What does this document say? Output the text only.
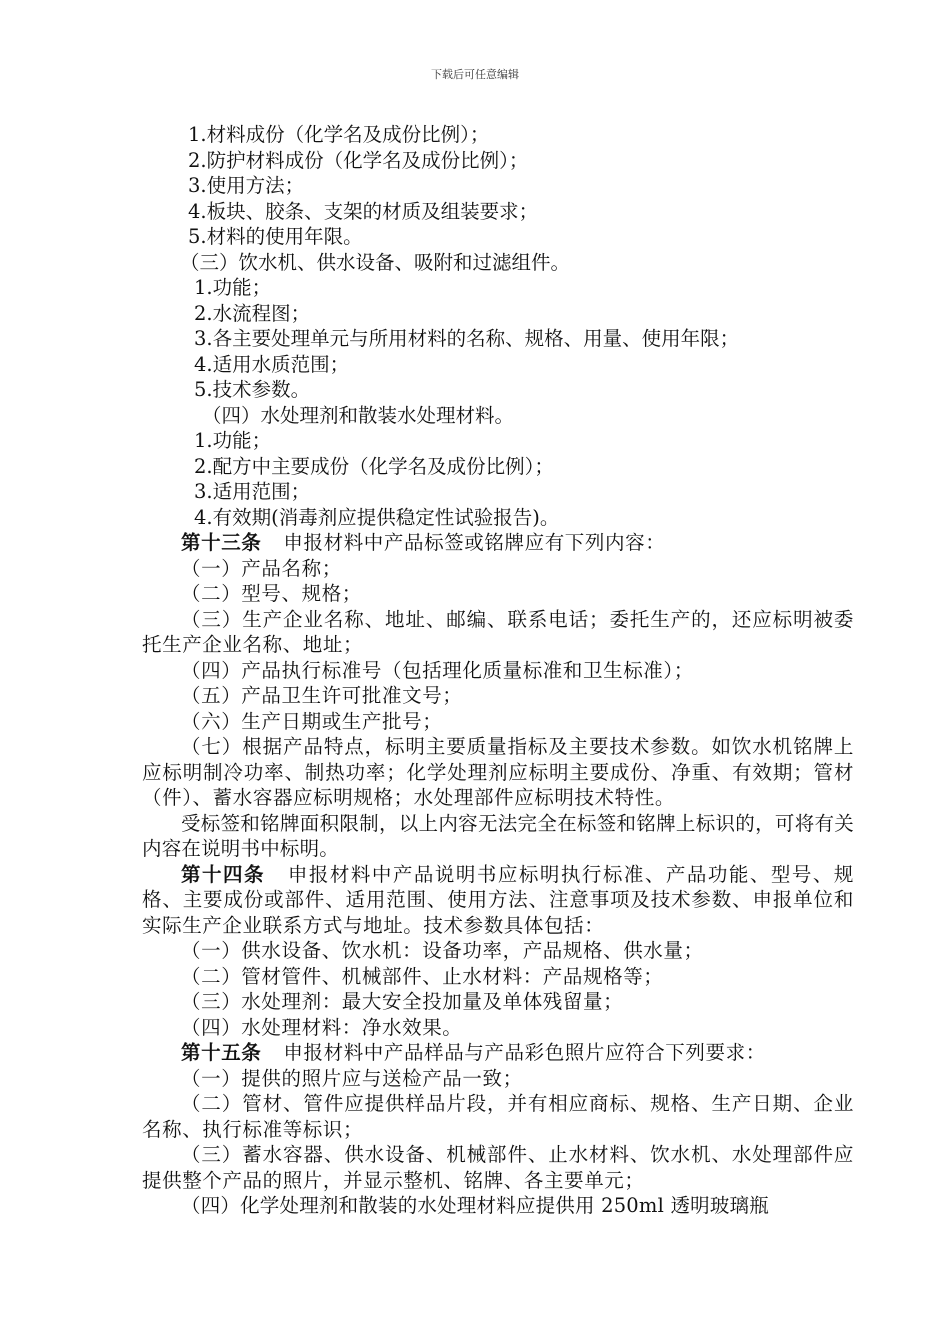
下载后可任意编辑
1.材料成份（化学名及成份比例）；
2.防护材料成份（化学名及成份比例）；
3.使用方法；
4.板块、胶条、支架的材质及组装要求；
5.材料的使用年限。
（三）饮水机、供水设备、吸附和过滤组件。
1.功能；
2.水流程图；
3.各主要处理单元与所用材料的名称、规格、用量、使用年限；
4.适用水质范围；
5.技术参数。
（四）水处理剂和散装水处理材料。
1.功能；
2.配方中主要成份（化学名及成份比例）；
3.适用范围；
4.有效期(消毒剂应提供稳定性试验报告)。
第十三条 申报材料中产品标签或铭牌应有下列内容：
（一）产品名称；
（二）型号、规格；
（三）生产企业名称、地址、邮编、联系电话；委托生产的，还应标明被委托生产企业名称、地址；
（四）产品执行标准号（包括理化质量标准和卫生标准）；
（五）产品卫生许可批准文号；
（六）生产日期或生产批号；
（七）根据产品特点，标明主要质量指标及主要技术参数。如饮水机铭牌上应标明制冷功率、制热功率；化学处理剂应标明主要成份、净重、有效期；管材（件）、蓄水容器应标明规格；水处理部件应标明技术特性。
受标签和铭牌面积限制，以上内容无法完全在标签和铭牌上标识的，可将有关内容在说明书中标明。
第十四条 申报材料中产品说明书应标明执行标准、产品功能、型号、规格、主要成份或部件、适用范围、使用方法、注意事项及技术参数、申报单位和实际生产企业联系方式与地址。技术参数具体包括：
（一）供水设备、饮水机：设备功率，产品规格、供水量；
（二）管材管件、机械部件、止水材料：产品规格等；
（三）水处理剂：最大安全投加量及单体残留量；
（四）水处理材料：净水效果。
第十五条 申报材料中产品样品与产品彩色照片应符合下列要求：
（一）提供的照片应与送检产品一致；
（二）管材、管件应提供样品片段，并有相应商标、规格、生产日期、企业名称、执行标准等标识；
（三）蓄水容器、供水设备、机械部件、止水材料、饮水机、水处理部件应提供整个产品的照片，并显示整机、铭牌、各主要单元；
（四）化学处理剂和散装的水处理材料应提供用 250ml 透明玻璃瓶
